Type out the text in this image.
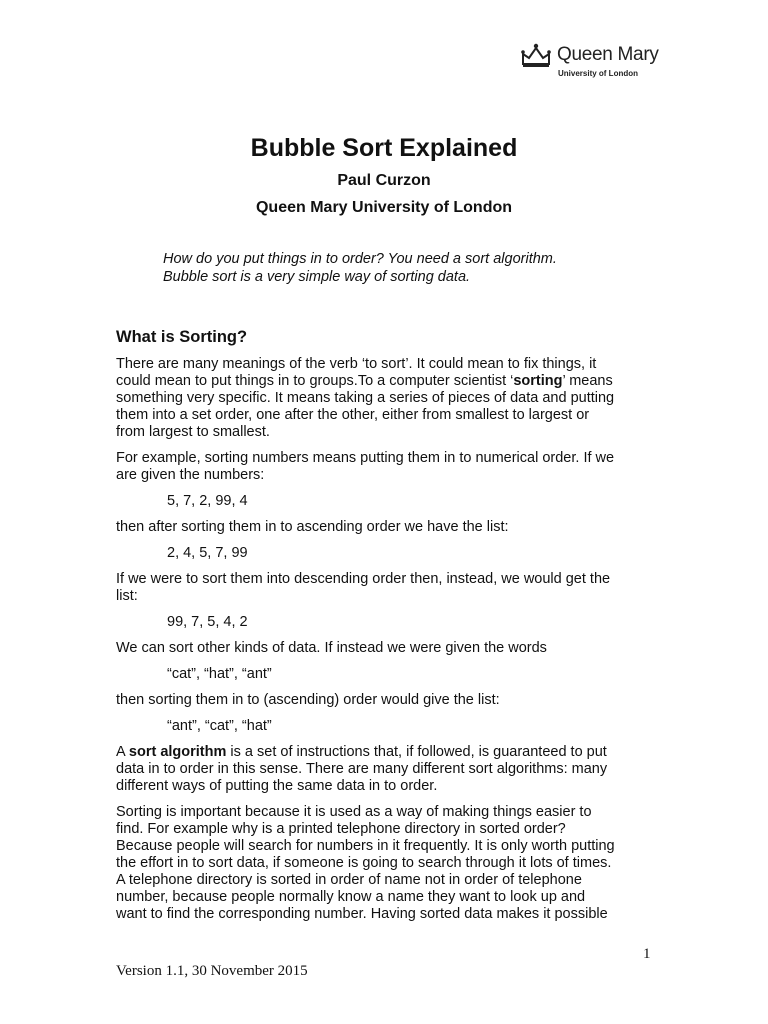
Queen Mary
University of London
Bubble Sort Explained
Paul Curzon
Queen Mary University of London
How do you put things in to order? You need a sort algorithm.
Bubble sort is a very simple way of sorting data.
What is Sorting?

There are many meanings of the verb ‘to sort’. It could mean to fix things, it
could mean to put things in to groups.To a computer scientist ‘sorting’ means
something very specific. It means taking a series of pieces of data and putting
them into a set order, one after the other, either from smallest to largest or
from largest to smallest.

For example, sorting numbers means putting them in to numerical order. If we
are given the numbers:

5, 7, 2, 99, 4

then after sorting them in to ascending order we have the list:

2, 4, 5, 7, 99

If we were to sort them into descending order then, instead, we would get the
list:

99, 7, 5, 4, 2

We can sort other kinds of data. If instead we were given the words

“cat”, “hat”, “ant”

then sorting them in to (ascending) order would give the list:

“ant”, “cat”, “hat”

A sort algorithm is a set of instructions that, if followed, is guaranteed to put
data in to order in this sense. There are many different sort algorithms: many
different ways of putting the same data in to order.

Sorting is important because it is used as a way of making things easier to
find. For example why is a printed telephone directory in sorted order?
Because people will search for numbers in it frequently. It is only worth putting
the effort in to sort data, if someone is going to search through it lots of times.
A telephone directory is sorted in order of name not in order of telephone
number, because people normally know a name they want to look up and
want to find the corresponding number. Having sorted data makes it possible

1
Version 1.1, 30 November 2015
